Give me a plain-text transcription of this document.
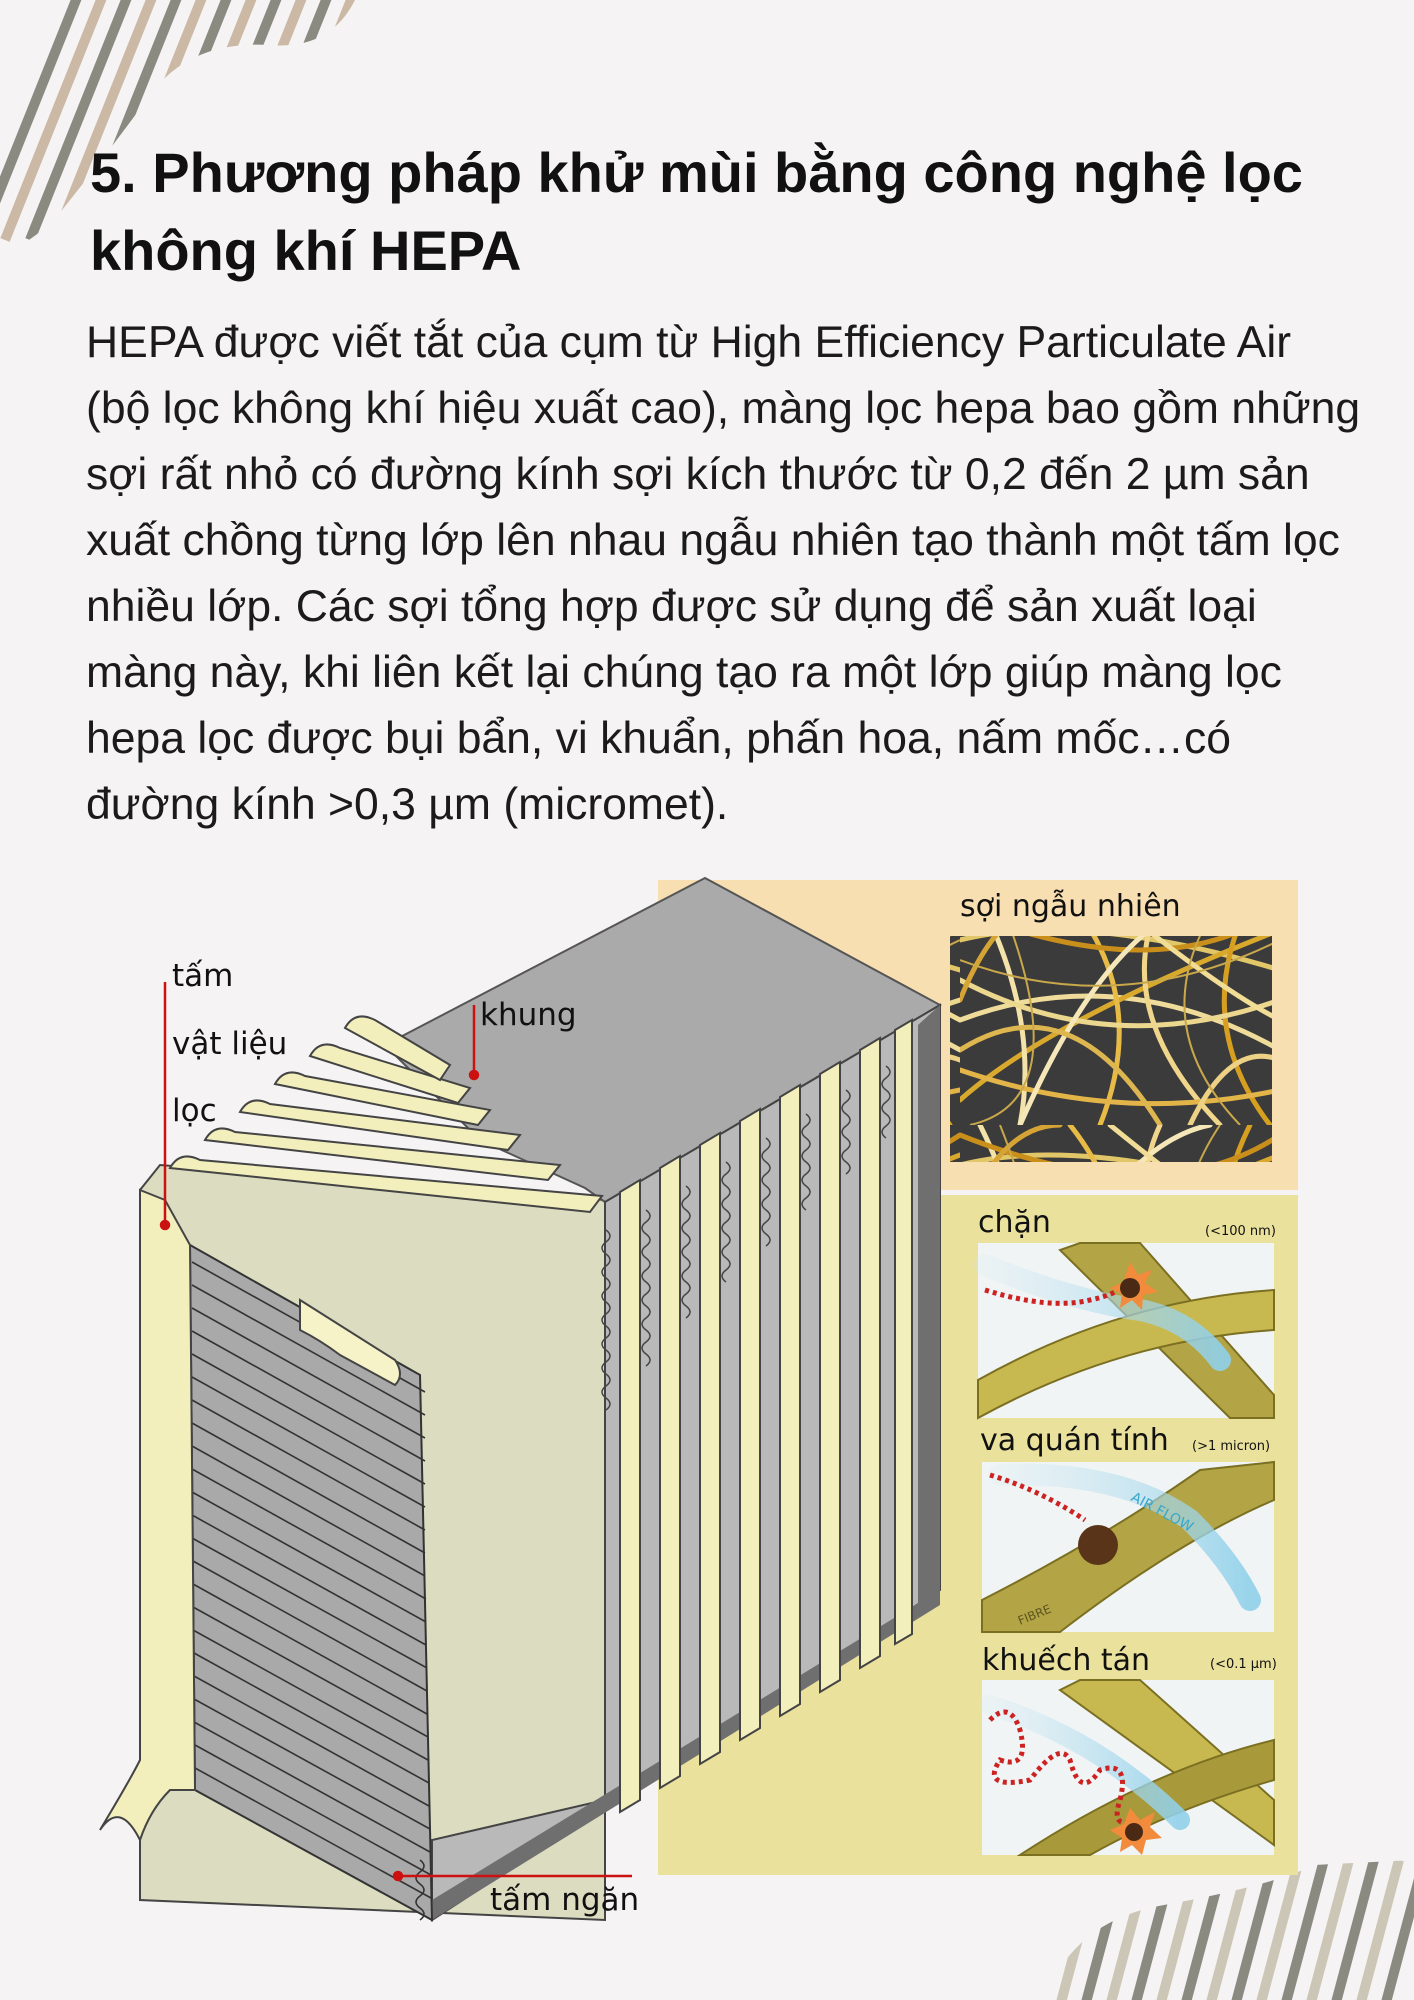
5. Phương pháp khử mùi bằng công nghệ lọc không khí HEPA

HEPA được viết tắt của cụm từ High Efficiency Particulate Air (bộ lọc không khí hiệu xuất cao), màng lọc hepa bao gồm những sợi rất nhỏ có đường kính sợi kích thước từ 0,2 đến 2 µm sản xuất chồng từng lớp lên nhau ngẫu nhiên tạo thành một tấm lọc nhiều lớp. Các sợi tổng hợp được sử dụng để sản xuất loại màng này, khi liên kết lại chúng tạo ra một lớp giúp màng lọc hepa lọc được bụi bẩn, vi khuẩn, phấn hoa, nấm mốc…có đường kính >0,3 µm (micromet).

sợi ngẫu nhiên
chặn	(<100 nm)
AIR FLOW
FIBRE
va quán tính (>1 micron)
khuếch tán	(<0.1 µm)
tấm
vật liệu
lọc
khung
tấm ngăn
